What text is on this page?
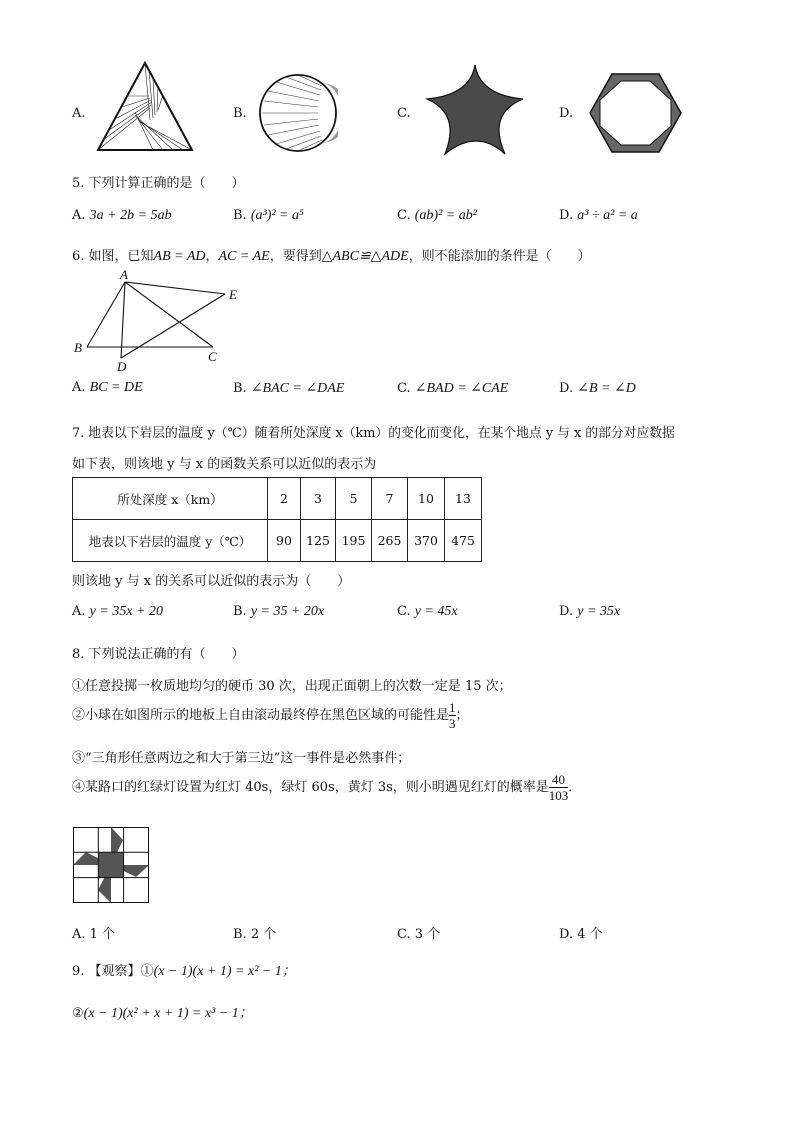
A.	B.	C.	D.
5. 下列计算正确的是（　　）
A. 3a + 2b = 5ab	B. (a³)² = a⁵	C. (ab)² = ab²	D. a³ ÷ a² = a
6. 如图，已知AB = AD，AC = AE，要得到△ABC≌△ADE，则不能添加的条件是（　　）
A
B
C
D
E
A. BC = DE	B. ∠BAC = ∠DAE	C. ∠BAD = ∠CAE	D. ∠B = ∠D
7. 地表以下岩层的温度 y（℃）随着所处深度 x（km）的变化而变化，在某个地点 y 与 x 的部分对应数据
如下表，则该地 y 与 x 的函数关系可以近似的表示为
所处深度 x（km）	2	3	5	7	10	13
地表以下岩层的温度 y（℃）	90	125	195	265	370	475
则该地 y 与 x 的关系可以近似的表示为（　　）
A. y = 35x + 20	B. y = 35 + 20x	C. y = 45x	D. y = 35x
8. 下列说法正确的有（　　）
①任意投掷一枚质地均匀的硬币 30 次，出现正面朝上的次数一定是 15 次；
②小球在如图所示的地板上自由滚动最终停在黑色区域的可能性是 $\frac{1}{3}$ ；
③“三角形任意两边之和大于第三边”这一事件是必然事件；
④某路口的红绿灯设置为红灯 40s，绿灯 60s，黄灯 3s，则小明遇见红灯的概率是 $\frac{40}{103}$ ．
A. 1 个	B. 2 个	C. 3 个	D. 4 个
9. 【观察】①(x − 1)(x + 1) = x² − 1；
②(x − 1)(x² + x + 1) = x³ − 1；
